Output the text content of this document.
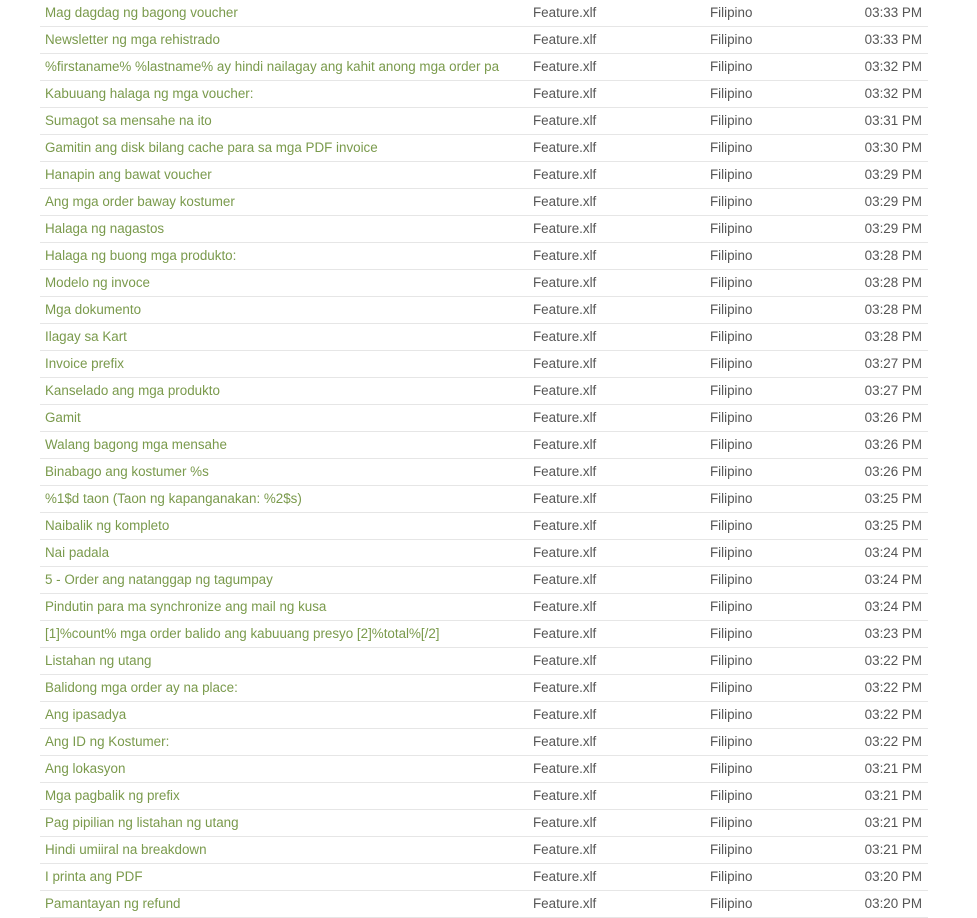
Mag dagdag ng bagong voucher	Feature.xlf	Filipino	03:33 PM
Newsletter ng mga rehistrado	Feature.xlf	Filipino	03:33 PM
%firstaname% %lastname% ay hindi nailagay ang kahit anong mga order pa	Feature.xlf	Filipino	03:32 PM
Kabuuang halaga ng mga voucher:	Feature.xlf	Filipino	03:32 PM
Sumagot sa mensahe na ito	Feature.xlf	Filipino	03:31 PM
Gamitin ang disk bilang cache para sa mga PDF invoice	Feature.xlf	Filipino	03:30 PM
Hanapin ang bawat voucher	Feature.xlf	Filipino	03:29 PM
Ang mga order baway kostumer	Feature.xlf	Filipino	03:29 PM
Halaga ng nagastos	Feature.xlf	Filipino	03:29 PM
Halaga ng buong mga produkto:	Feature.xlf	Filipino	03:28 PM
Modelo ng invoce	Feature.xlf	Filipino	03:28 PM
Mga dokumento	Feature.xlf	Filipino	03:28 PM
Ilagay sa Kart	Feature.xlf	Filipino	03:28 PM
Invoice prefix	Feature.xlf	Filipino	03:27 PM
Kanselado ang mga produkto	Feature.xlf	Filipino	03:27 PM
Gamit	Feature.xlf	Filipino	03:26 PM
Walang bagong mga mensahe	Feature.xlf	Filipino	03:26 PM
Binabago ang kostumer %s	Feature.xlf	Filipino	03:26 PM
%1$d taon (Taon ng kapanganakan: %2$s)	Feature.xlf	Filipino	03:25 PM
Naibalik ng kompleto	Feature.xlf	Filipino	03:25 PM
Nai padala	Feature.xlf	Filipino	03:24 PM
5 - Order ang natanggap ng tagumpay	Feature.xlf	Filipino	03:24 PM
Pindutin para ma synchronize ang mail ng kusa	Feature.xlf	Filipino	03:24 PM
[1]%count% mga order balido ang kabuuang presyo [2]%total%[/2]	Feature.xlf	Filipino	03:23 PM
Listahan ng utang	Feature.xlf	Filipino	03:22 PM
Balidong mga order ay na place:	Feature.xlf	Filipino	03:22 PM
Ang ipasadya	Feature.xlf	Filipino	03:22 PM
Ang ID ng Kostumer:	Feature.xlf	Filipino	03:22 PM
Ang lokasyon	Feature.xlf	Filipino	03:21 PM
Mga pagbalik ng prefix	Feature.xlf	Filipino	03:21 PM
Pag pipilian ng listahan ng utang	Feature.xlf	Filipino	03:21 PM
Hindi umiiral na breakdown	Feature.xlf	Filipino	03:21 PM
I printa ang PDF	Feature.xlf	Filipino	03:20 PM
Pamantayan ng refund	Feature.xlf	Filipino	03:20 PM
